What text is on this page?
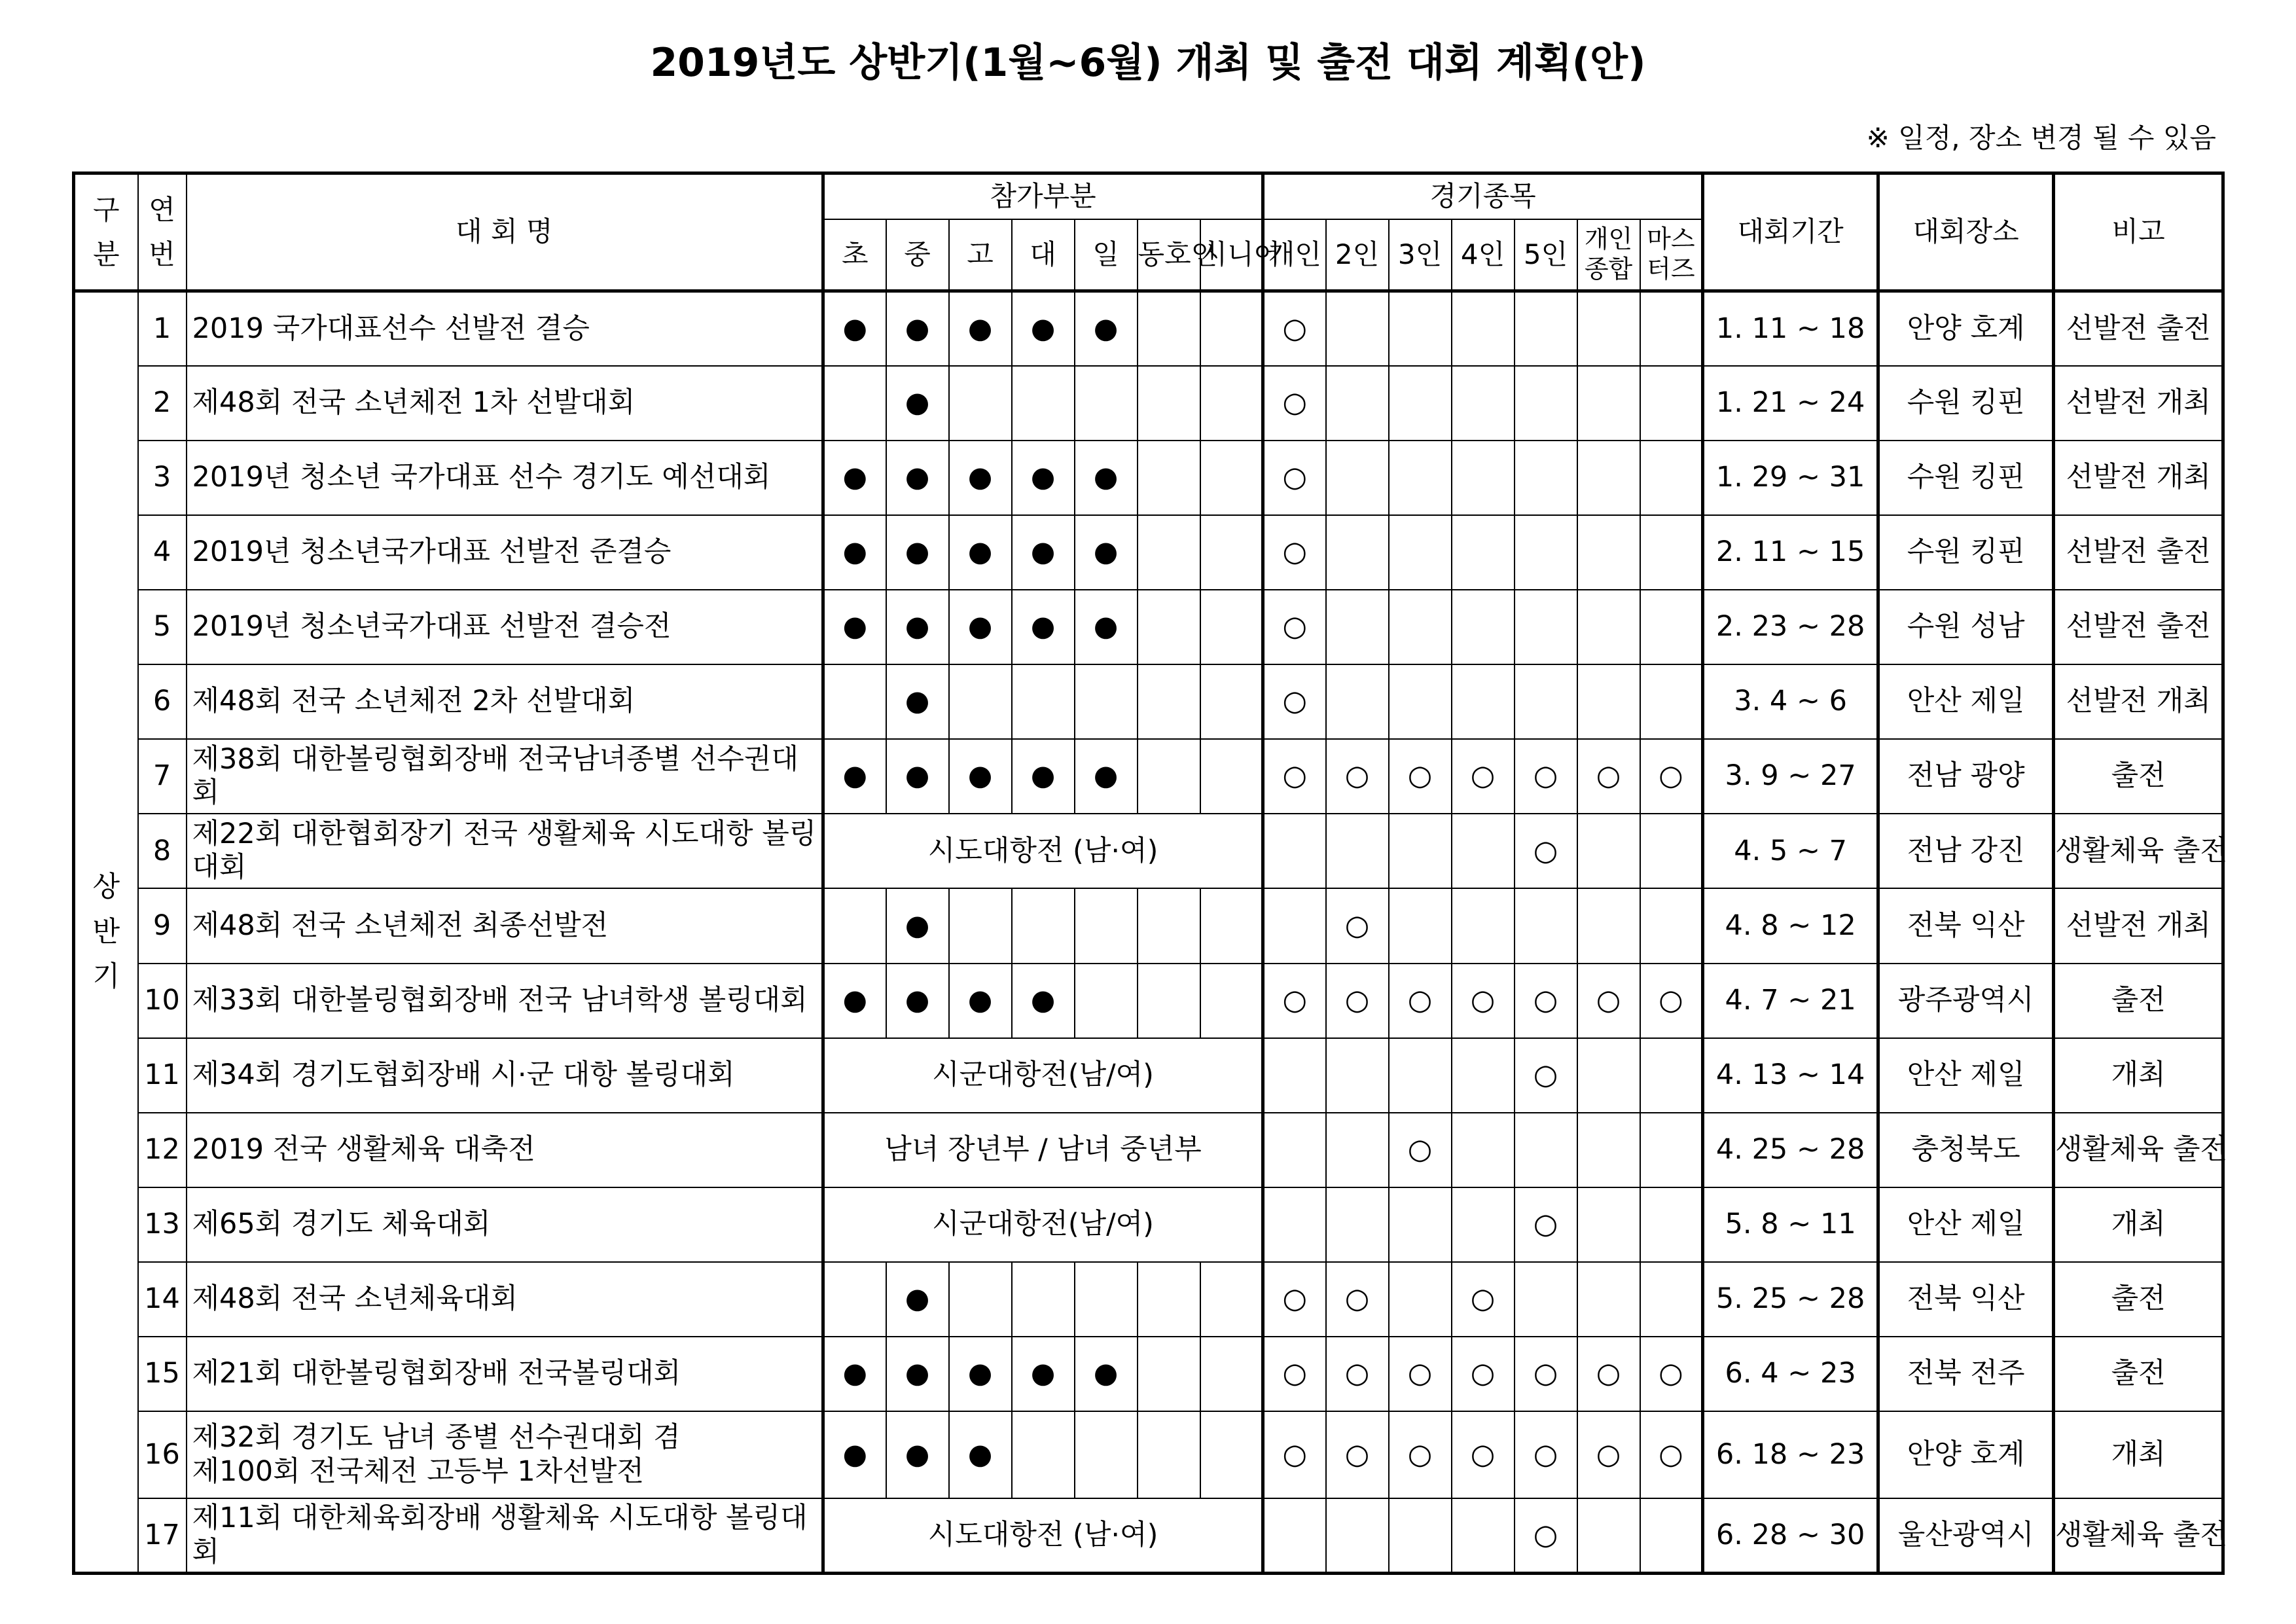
2019년도 상반기(1월~6월) 개최 및 출전 대회 계획(안)
※ 일정, 장소 변경 될 수 있음
구
분	연
번	대 회 명	참가부분							경기종목							대회기간	대회장소	비고
			초	중	고	대	일	동호인	시니어	개인	2인	3인	4인	5인	개인
종합	마스
터즈			
상
반
기	1	2019 국가대표선수 선발전 결승	●	●	●	●	●			○							1. 11 ~ 18	안양 호계	선발전 출전
	2	제48회 전국 소년체전 1차 선발대회		●						○							1. 21 ~ 24	수원 킹핀	선발전 개최
	3	2019년 청소년 국가대표 선수 경기도 예선대회	●	●	●	●	●			○							1. 29 ~ 31	수원 킹핀	선발전 개최
	4	2019년 청소년국가대표 선발전 준결승	●	●	●	●	●			○							2. 11 ~ 15	수원 킹핀	선발전 출전
	5	2019년 청소년국가대표 선발전 결승전	●	●	●	●	●			○							2. 23 ~ 28	수원 성남	선발전 출전
	6	제48회 전국 소년체전 2차 선발대회		●						○							3. 4 ~ 6	안산 제일	선발전 개최
	7	제38회 대한볼링협회장배 전국남녀종별 선수권대회	●	●	●	●	●			○	○	○	○	○	○	○	3. 9 ~ 27	전남 광양	출전
	8	제22회 대한협회장기 전국 생활체육 시도대항 볼링대회	시도대항전 (남·여)											○			4. 5 ~ 7	전남 강진	생활체육 출전
	9	제48회 전국 소년체전 최종선발전		●							○						4. 8 ~ 12	전북 익산	선발전 개최
	10	제33회 대한볼링협회장배 전국 남녀학생 볼링대회	●	●	●	●				○	○	○	○	○	○	○	4. 7 ~ 21	광주광역시	출전
	11	제34회 경기도협회장배 시·군 대항 볼링대회	시군대항전(남/여)											○			4. 13 ~ 14	안산 제일	개최
	12	2019 전국 생활체육 대축전	남녀 장년부 / 남녀 중년부									○					4. 25 ~ 28	충청북도	생활체육 출전
	13	제65회 경기도 체육대회	시군대항전(남/여)											○			5. 8 ~ 11	안산 제일	개최
	14	제48회 전국 소년체육대회		●						○	○		○				5. 25 ~ 28	전북 익산	출전
	15	제21회 대한볼링협회장배 전국볼링대회	●	●	●	●	●			○	○	○	○	○	○	○	6. 4 ~ 23	전북 전주	출전
	16	제32회 경기도 남녀 종별 선수권대회 겸
제100회 전국체전 고등부 1차선발전	●	●	●					○	○	○	○	○	○	○	6. 18 ~ 23	안양 호계	개최
	17	제11회 대한체육회장배 생활체육 시도대항 볼링대회	시도대항전 (남·여)											○			6. 28 ~ 30	울산광역시	생활체육 출전
